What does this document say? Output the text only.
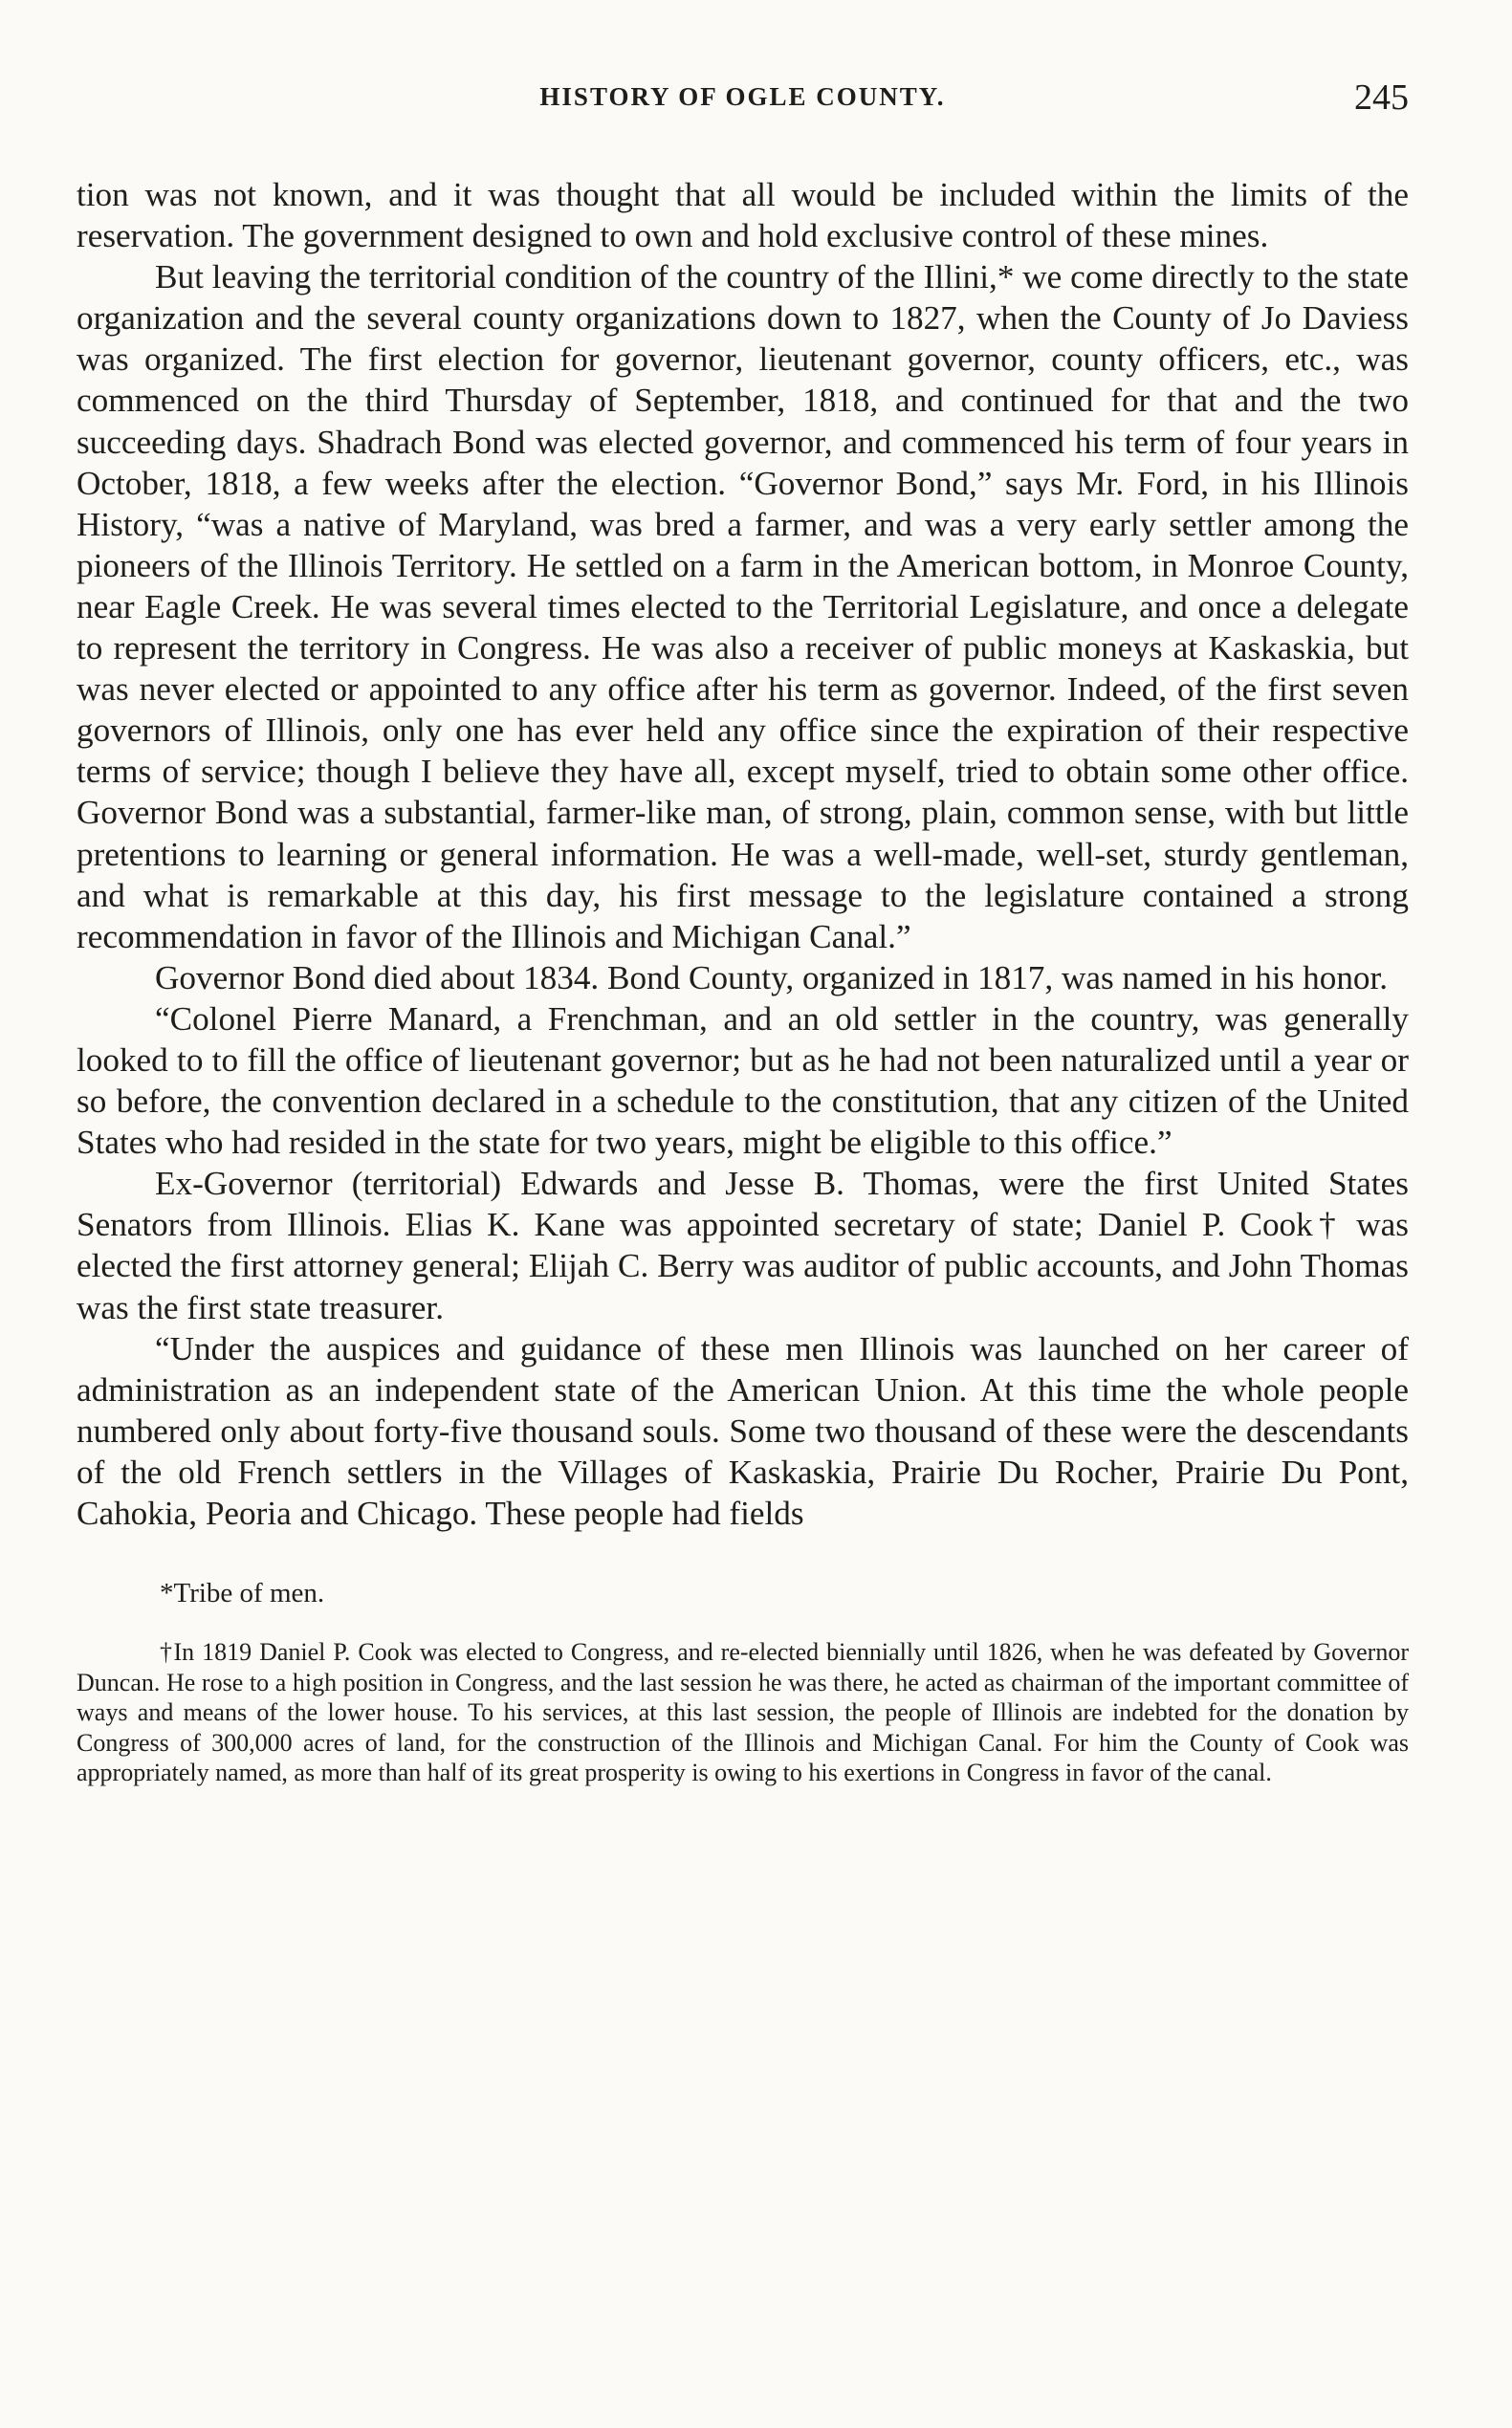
HISTORY OF OGLE COUNTY.	245

tion was not known, and it was thought that all would be included within the limits of the reservation. The government designed to own and hold exclusive control of these mines.

But leaving the territorial condition of the country of the Illini,* we come directly to the state organization and the several county organizations down to 1827, when the County of Jo Daviess was organized. The first election for governor, lieutenant governor, county officers, etc., was commenced on the third Thursday of September, 1818, and continued for that and the two succeeding days. Shadrach Bond was elected governor, and commenced his term of four years in October, 1818, a few weeks after the election. “Governor Bond,” says Mr. Ford, in his Illinois History, “was a native of Maryland, was bred a farmer, and was a very early settler among the pioneers of the Illinois Territory. He settled on a farm in the American bottom, in Monroe County, near Eagle Creek. He was several times elected to the Territorial Legislature, and once a delegate to represent the territory in Congress. He was also a receiver of public moneys at Kaskaskia, but was never elected or appointed to any office after his term as governor. Indeed, of the first seven governors of Illinois, only one has ever held any office since the expiration of their respective terms of service; though I believe they have all, except myself, tried to obtain some other office. Governor Bond was a substantial, farmer-like man, of strong, plain, common sense, with but little pretentions to learning or general information. He was a well-made, well-set, sturdy gentleman, and what is remarkable at this day, his first message to the legislature contained a strong recommendation in favor of the Illinois and Michigan Canal.”

Governor Bond died about 1834. Bond County, organized in 1817, was named in his honor.

“Colonel Pierre Manard, a Frenchman, and an old settler in the country, was generally looked to to fill the office of lieutenant governor; but as he had not been naturalized until a year or so before, the convention declared in a schedule to the constitution, that any citizen of the United States who had resided in the state for two years, might be eligible to this office.”

Ex-Governor (territorial) Edwards and Jesse B. Thomas, were the first United States Senators from Illinois. Elias K. Kane was appointed secretary of state; Daniel P. Cook† was elected the first attorney general; Elijah C. Berry was auditor of public accounts, and John Thomas was the first state treasurer.

“Under the auspices and guidance of these men Illinois was launched on her career of administration as an independent state of the American Union. At this time the whole people numbered only about forty-five thousand souls. Some two thousand of these were the descendants of the old French settlers in the Villages of Kaskaskia, Prairie Du Rocher, Prairie Du Pont, Cahokia, Peoria and Chicago. These people had fields

*Tribe of men.

†In 1819 Daniel P. Cook was elected to Congress, and re-elected biennially until 1826, when he was defeated by Governor Duncan. He rose to a high position in Congress, and the last session he was there, he acted as chairman of the important committee of ways and means of the lower house. To his services, at this last session, the people of Illinois are indebted for the donation by Congress of 300,000 acres of land, for the construction of the Illinois and Michigan Canal. For him the County of Cook was appropriately named, as more than half of its great prosperity is owing to his exertions in Congress in favor of the canal.
